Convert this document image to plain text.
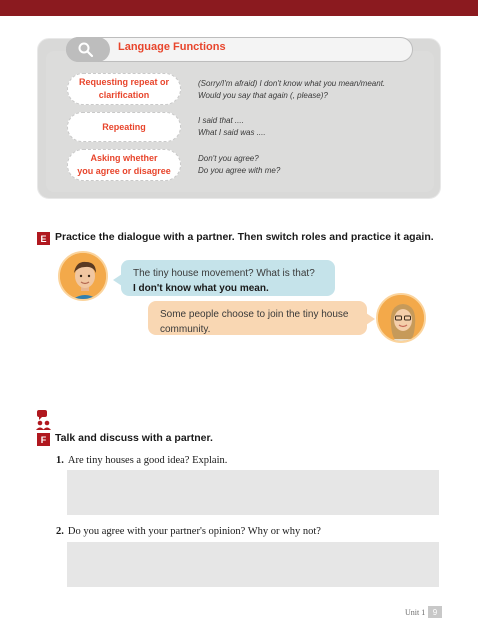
Language Functions
Requesting repeat or
clarification
Repeating
Asking whether
you agree or disagree
(Sorry/I'm afraid) I don't know what you mean/meant.
Would you say that again (, please)?
I said that ....
What I said was ....
Don't you agree?
Do you agree with me?
E Practice the dialogue with a partner. Then switch roles and practice it again.
The tiny house movement? What is that?
I don't know what you mean.
Some people choose to join the tiny house
community.
F Talk and discuss with a partner.
1. Are tiny houses a good idea? Explain.
2. Do you agree with your partner's opinion? Why or why not?
Unit 1 9
